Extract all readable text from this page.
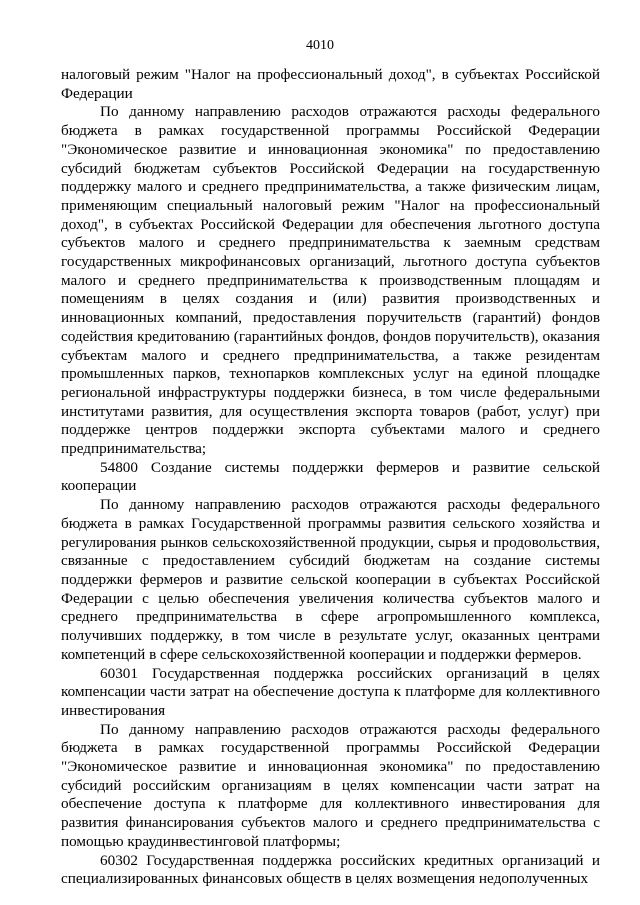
4010

налоговый режим "Налог на профессиональный доход", в субъектах Российской Федерации

По данному направлению расходов отражаются расходы федерального бюджета в рамках государственной программы Российской Федерации "Экономическое развитие и инновационная экономика" по предоставлению субсидий бюджетам субъектов Российской Федерации на государственную поддержку малого и среднего предпринимательства, а также физическим лицам, применяющим специальный налоговый режим "Налог на профессиональный доход", в субъектах Российской Федерации для обеспечения льготного доступа субъектов малого и среднего предпринимательства к заемным средствам государственных микрофинансовых организаций, льготного доступа субъектов малого и среднего предпринимательства к производственным площадям и помещениям в целях создания и (или) развития производственных и инновационных компаний, предоставления поручительств (гарантий) фондов содействия кредитованию (гарантийных фондов, фондов поручительств), оказания субъектам малого и среднего предпринимательства, а также резидентам промышленных парков, технопарков комплексных услуг на единой площадке региональной инфраструктуры поддержки бизнеса, в том числе федеральными институтами развития, для осуществления экспорта товаров (работ, услуг) при поддержке центров поддержки экспорта субъектами малого и среднего предпринимательства;

54800 Создание системы поддержки фермеров и развитие сельской кооперации

По данному направлению расходов отражаются расходы федерального бюджета в рамках Государственной программы развития сельского хозяйства и регулирования рынков сельскохозяйственной продукции, сырья и продовольствия, связанные с предоставлением субсидий бюджетам на создание системы поддержки фермеров и развитие сельской кооперации в субъектах Российской Федерации с целью обеспечения увеличения количества субъектов малого и среднего предпринимательства в сфере агропромышленного комплекса, получивших поддержку, в том числе в результате услуг, оказанных центрами компетенций в сфере сельскохозяйственной кооперации и поддержки фермеров.

60301 Государственная поддержка российских организаций в целях компенсации части затрат на обеспечение доступа к платформе для коллективного инвестирования

По данному направлению расходов отражаются расходы федерального бюджета в рамках государственной программы Российской Федерации "Экономическое развитие и инновационная экономика" по предоставлению субсидий российским организациям в целях компенсации части затрат на обеспечение доступа к платформе для коллективного инвестирования для развития финансирования субъектов малого и среднего предпринимательства с помощью краудинвестинговой платформы;

60302 Государственная поддержка российских кредитных организаций и специализированных финансовых обществ в целях возмещения недополученных
